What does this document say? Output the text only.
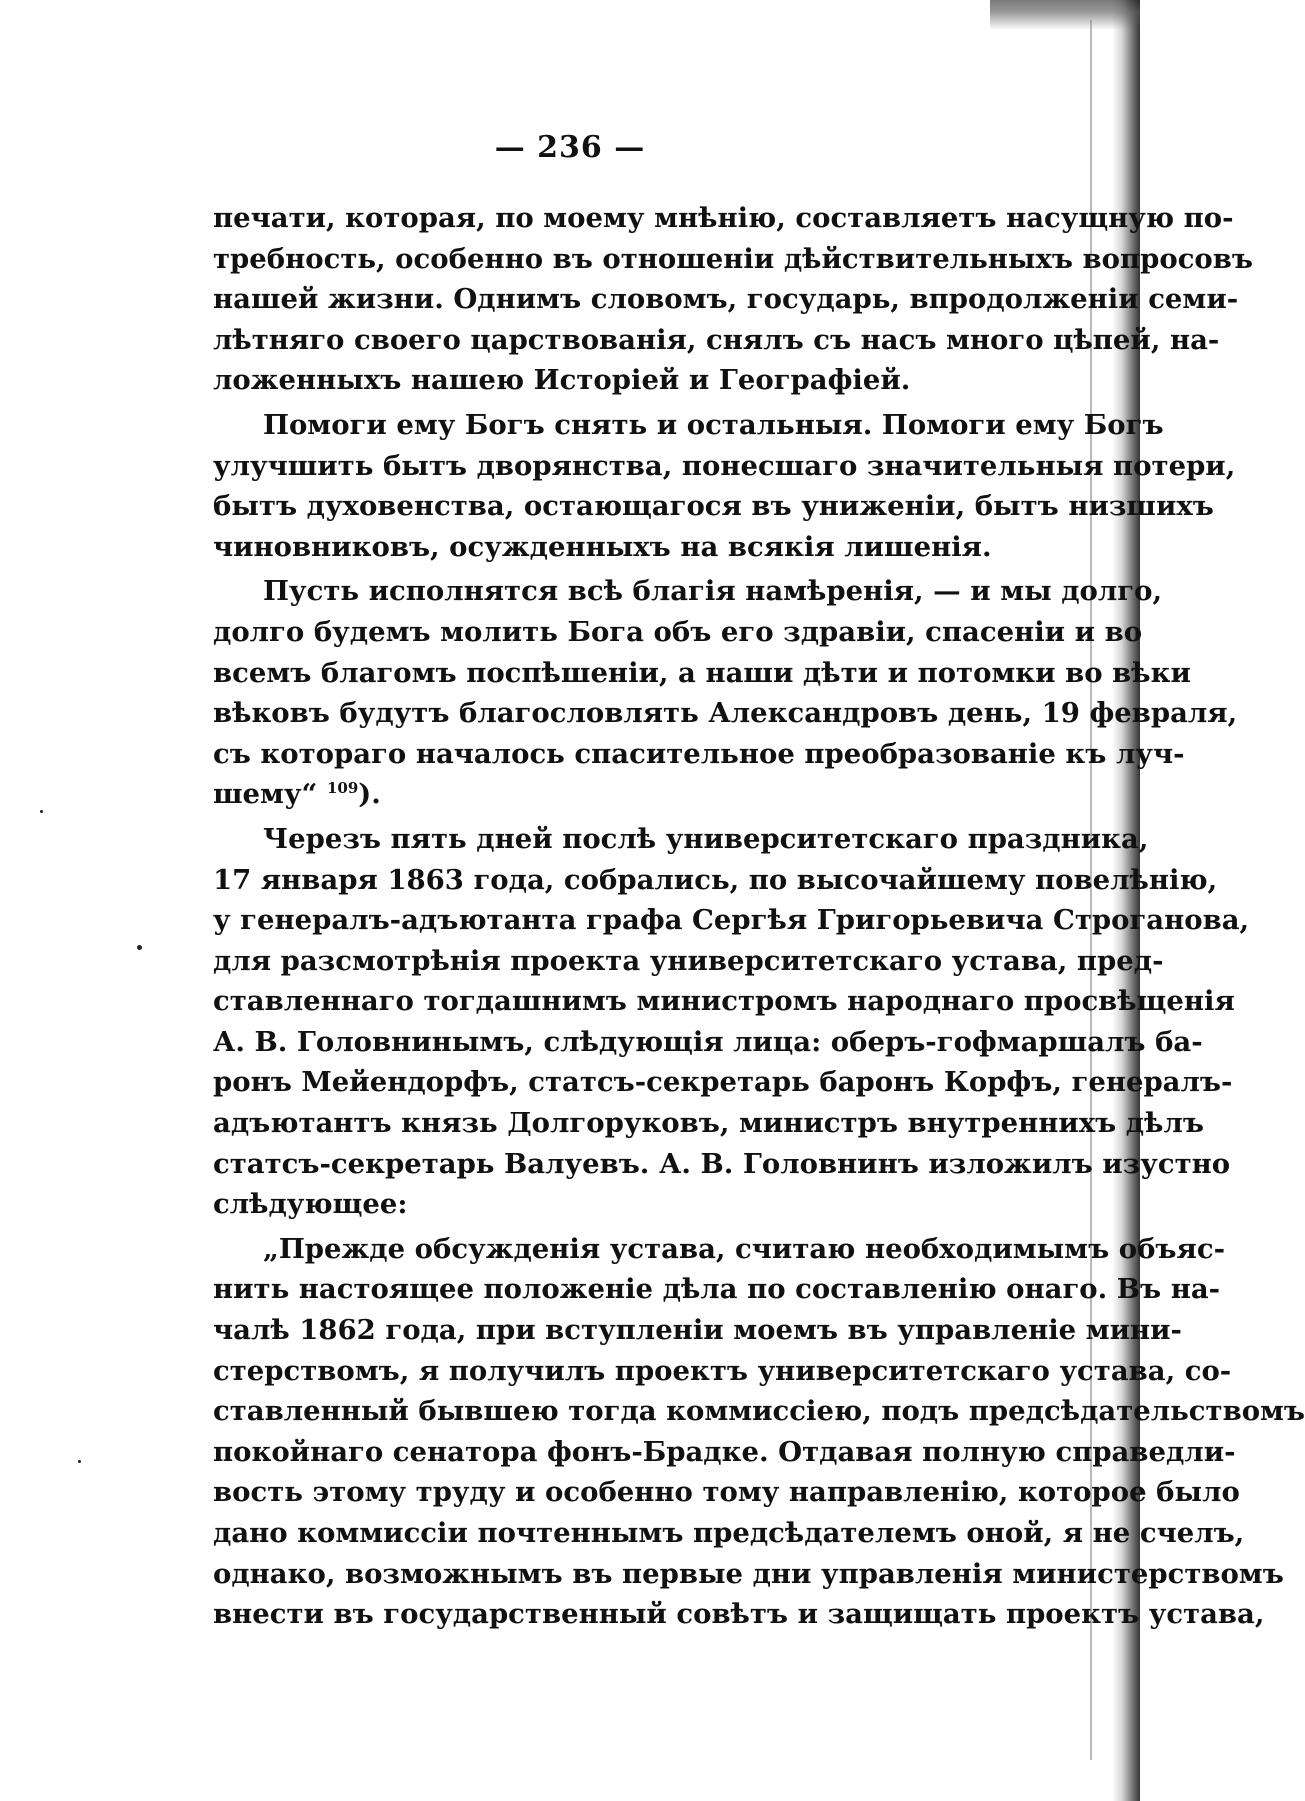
— 236 —
печати, которая, по моему мнѣнію, составляетъ насущную по-
требность, особенно въ отношеніи дѣйствительныхъ вопросовъ
нашей жизни. Однимъ словомъ, государь, впродолженіи семи-
лѣтняго своего царствованія, снялъ съ насъ много цѣпей, на-
ложенныхъ нашею Исторіей и Географіей.
Помоги ему Богъ снять и остальныя. Помоги ему Богъ
улучшить бытъ дворянства, понесшаго значительныя потери,
бытъ духовенства, остающагося въ униженіи, бытъ низшихъ
чиновниковъ, осужденныхъ на всякія лишенія.
Пусть исполнятся всѣ благія намѣренія, — и мы долго,
долго будемъ молить Бога объ его здравіи, спасеніи и во
всемъ благомъ поспѣшеніи, а наши дѣти и потомки во вѣки
вѣковъ будутъ благословлять Александровъ день, 19 февраля,
съ котораго началось спасительное преобразованіе къ луч-
шему“ $^{109}$).
Черезъ пять дней послѣ университетскаго праздника,
17 января 1863 года, собрались, по высочайшему повелѣнію,
у генералъ-адъютанта графа Сергѣя Григорьевича Строганова,
для разсмотрѣнія проекта университетскаго устава, пред-
ставленнаго тогдашнимъ министромъ народнаго просвѣщенія
А. В. Головнинымъ, слѣдующія лица: оберъ-гофмаршалъ ба-
ронъ Мейендорфъ, статсъ-секретарь баронъ Корфъ, генералъ-
адъютантъ князь Долгоруковъ, министръ внутреннихъ дѣлъ
статсъ-секретарь Валуевъ. А. В. Головнинъ изложилъ изустно
слѣдующее:
„Прежде обсужденія устава, считаю необходимымъ объяс-
нить настоящее положеніе дѣла по составленію онаго. Въ на-
чалѣ 1862 года, при вступленіи моемъ въ управленіе мини-
стерствомъ, я получилъ проектъ университетскаго устава, со-
ставленный бывшею тогда коммиссіею, подъ предсѣдательствомъ
покойнаго сенатора фонъ-Брадке. Отдавая полную справедли-
вость этому труду и особенно тому направленію, которое было
дано коммиссіи почтеннымъ предсѣдателемъ оной, я не счелъ,
однако, возможнымъ въ первые дни управленія министерствомъ
внести въ государственный совѣтъ и защищать проектъ устава,
